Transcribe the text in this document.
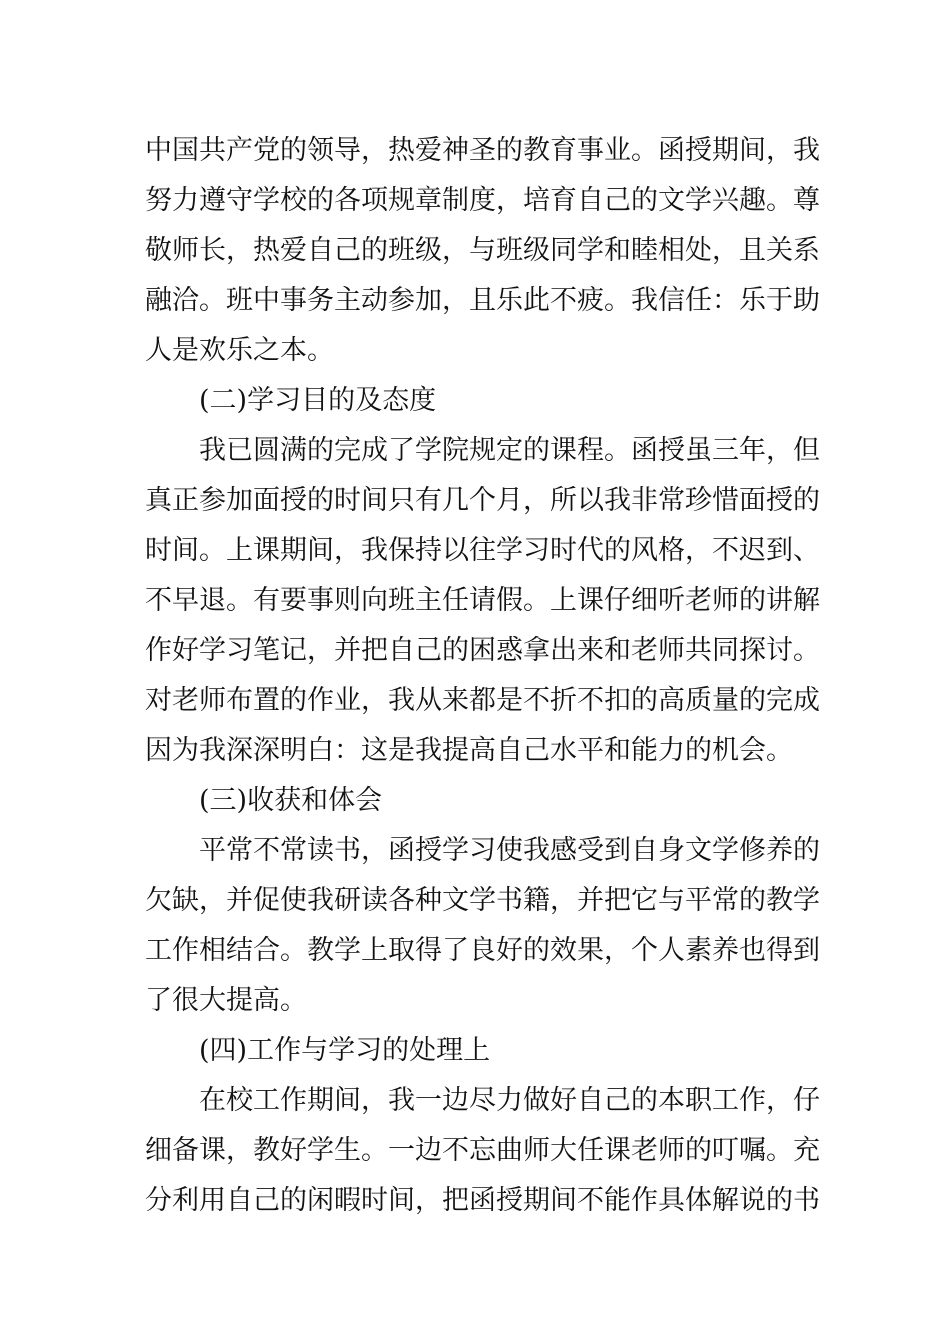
中国共产党的领导，热爱神圣的教育事业。函授期间，我
努力遵守学校的各项规章制度，培育自己的文学兴趣。尊
敬师长，热爱自己的班级，与班级同学和睦相处，且关系
融洽。班中事务主动参加，且乐此不疲。我信任：乐于助
人是欢乐之本。
(二)学习目的及态度
我已圆满的完成了学院规定的课程。函授虽三年，但
真正参加面授的时间只有几个月，所以我非常珍惜面授的
时间。上课期间，我保持以往学习时代的风格，不迟到、
不早退。有要事则向班主任请假。上课仔细听老师的讲解
作好学习笔记，并把自己的困惑拿出来和老师共同探讨。
对老师布置的作业，我从来都是不折不扣的高质量的完成
因为我深深明白：这是我提高自己水平和能力的机会。
(三)收获和体会
平常不常读书，函授学习使我感受到自身文学修养的
欠缺，并促使我研读各种文学书籍，并把它与平常的教学
工作相结合。教学上取得了良好的效果，个人素养也得到
了很大提高。
(四)工作与学习的处理上
在校工作期间，我一边尽力做好自己的本职工作，仔
细备课，教好学生。一边不忘曲师大任课老师的叮嘱。充
分利用自己的闲暇时间，把函授期间不能作具体解说的书
